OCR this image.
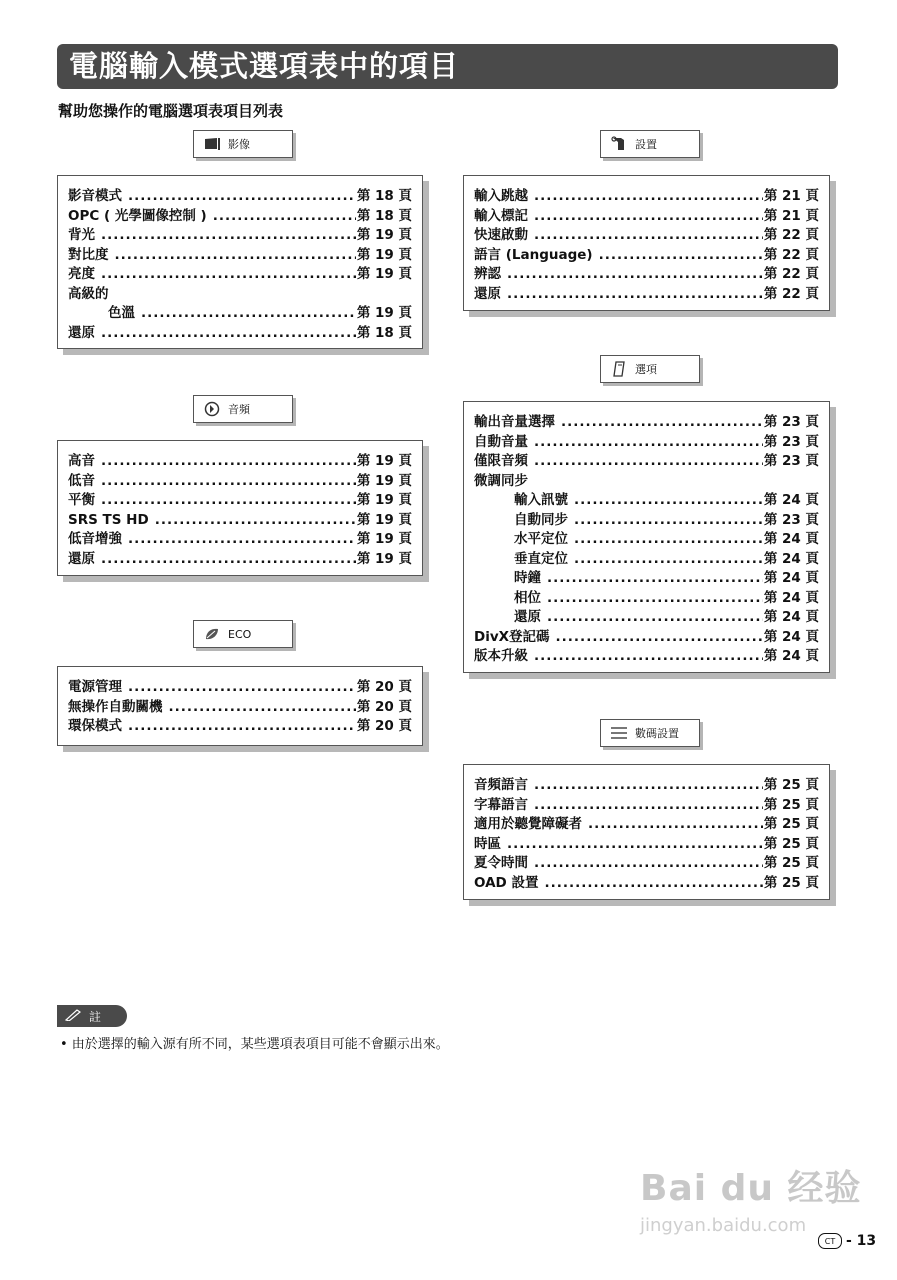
電腦輸入模式選項表中的項目
幫助您操作的電腦選項表項目列表
影像
影音模式 .....	第 18 頁
OPC ( 光學圖像控制 ) .....	第 18 頁
背光 .....	第 19 頁
對比度 .....	第 19 頁
亮度 .....	第 19 頁
高級的
色溫 .....	第 19 頁
還原 .....	第 18 頁
音頻
高音 .....	第 19 頁
低音 .....	第 19 頁
平衡 .....	第 19 頁
SRS TS HD .....	第 19 頁
低音增強 .....	第 19 頁
還原 .....	第 19 頁
ECO
電源管理 .....	第 20 頁
無操作自動關機 .....	第 20 頁
環保模式 .....	第 20 頁
設置
輸入跳越 .....	第 21 頁
輸入標記 .....	第 21 頁
快速啟動 .....	第 22 頁
語言 (Language) .....	第 22 頁
辨認 .....	第 22 頁
還原 .....	第 22 頁
選項
輸出音量選擇 .....	第 23 頁
自動音量 .....	第 23 頁
僅限音頻 .....	第 23 頁
微調同步
輸入訊號 .....	第 24 頁
自動同步 .....	第 23 頁
水平定位 .....	第 24 頁
垂直定位 .....	第 24 頁
時鐘 .....	第 24 頁
相位 .....	第 24 頁
還原 .....	第 24 頁
DivX登記碼 .....	第 24 頁
版本升級 .....	第 24 頁
數碼設置
音頻語言 .....	第 25 頁
字幕語言 .....	第 25 頁
適用於聽覺障礙者 .....	第 25 頁
時區 .....	第 25 頁
夏令時間 .....	第 25 頁
OAD 設置 .....	第 25 頁
註
• 由於選擇的輸入源有所不同，某些選項表項目可能不會顯示出來。
Bai du 经验
jingyan.baidu.com
CT - 13
